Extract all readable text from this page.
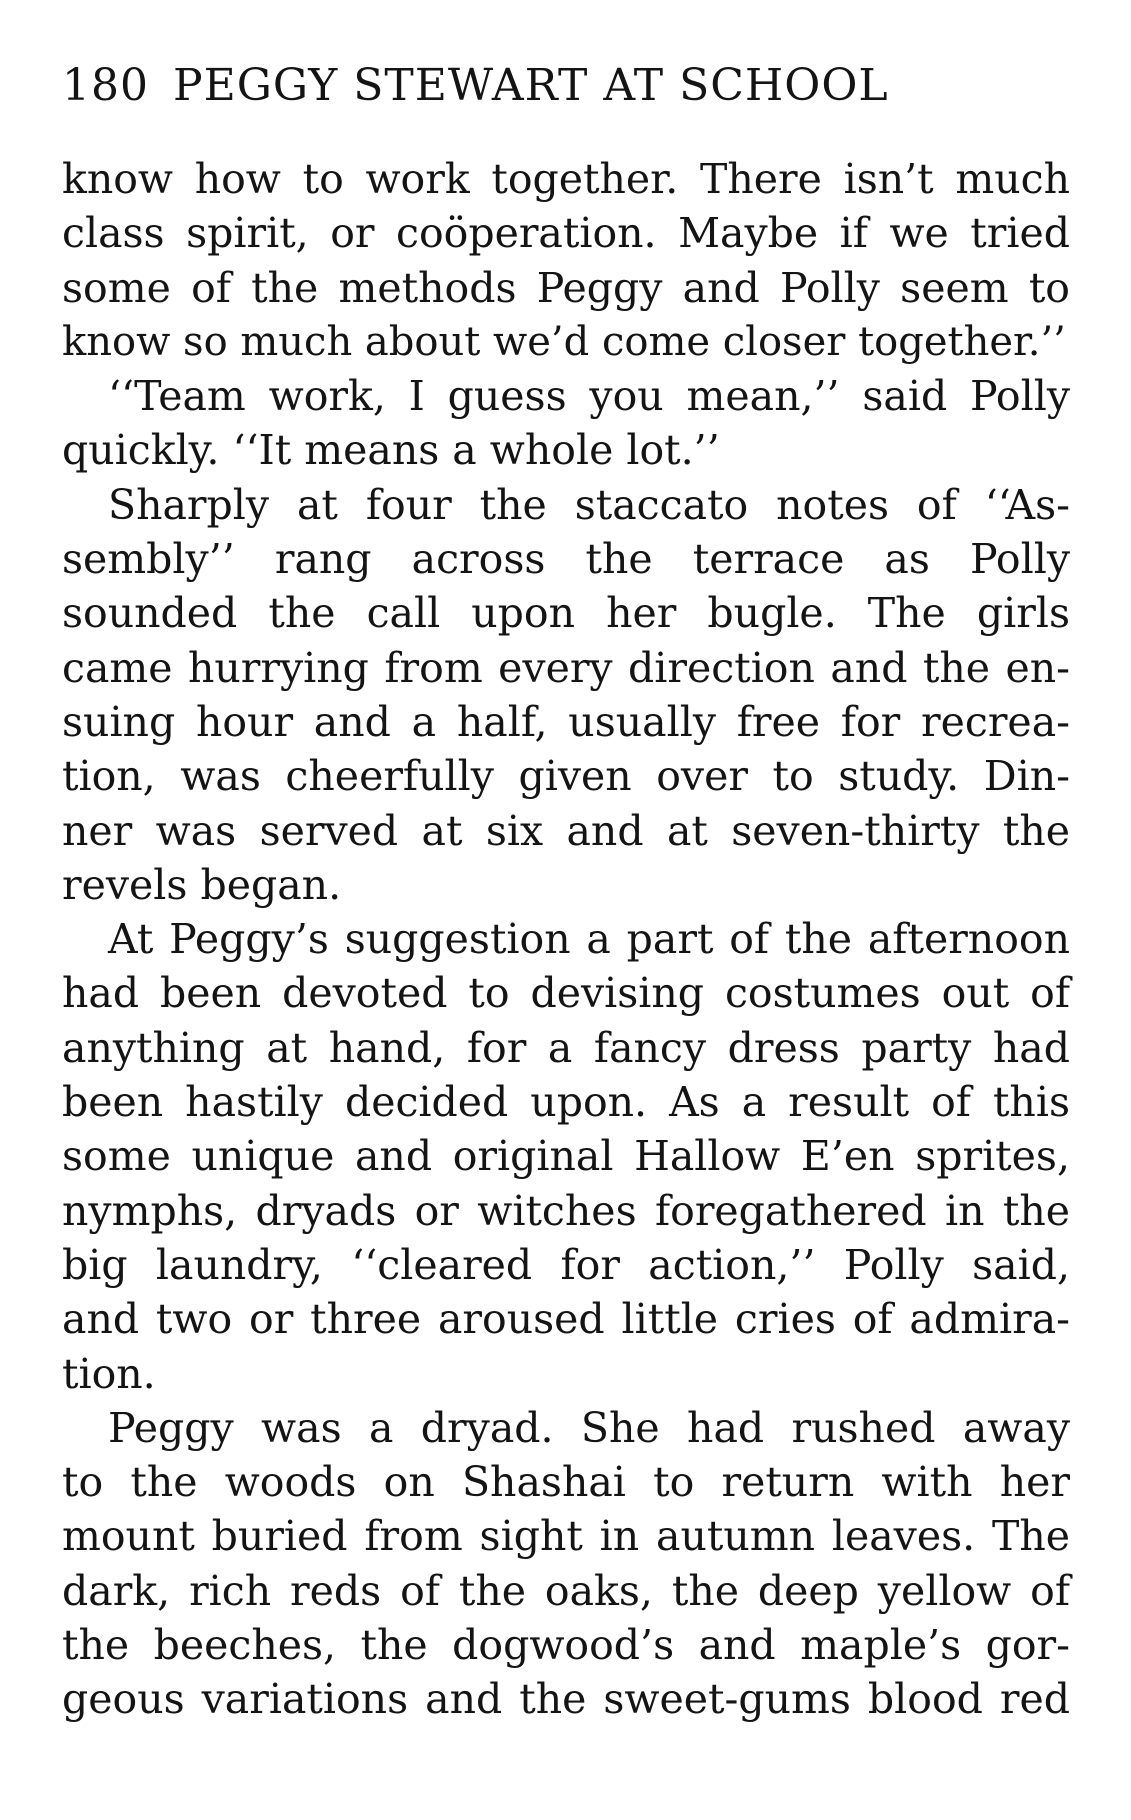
180 PEGGY STEWART AT SCHOOL
know how to work together. There isn’t much
class spirit, or coöperation. Maybe if we tried
some of the methods Peggy and Polly seem to
know so much about we’d come closer together.’’
‘‘Team work, I guess you mean,’’ said Polly
quickly. ‘‘It means a whole lot.’’
Sharply at four the staccato notes of ‘‘As-
sembly’’ rang across the terrace as Polly
sounded the call upon her bugle. The girls
came hurrying from every direction and the en-
suing hour and a half, usually free for recrea-
tion, was cheerfully given over to study. Din-
ner was served at six and at seven-thirty the
revels began.
At Peggy’s suggestion a part of the afternoon
had been devoted to devising costumes out of
anything at hand, for a fancy dress party had
been hastily decided upon. As a result of this
some unique and original Hallow E’en sprites,
nymphs, dryads or witches foregathered in the
big laundry, ‘‘cleared for action,’’ Polly said,
and two or three aroused little cries of admira-
tion.
Peggy was a dryad. She had rushed away
to the woods on Shashai to return with her
mount buried from sight in autumn leaves. The
dark, rich reds of the oaks, the deep yellow of
the beeches, the dogwood’s and maple’s gor-
geous variations and the sweet-gums blood red
